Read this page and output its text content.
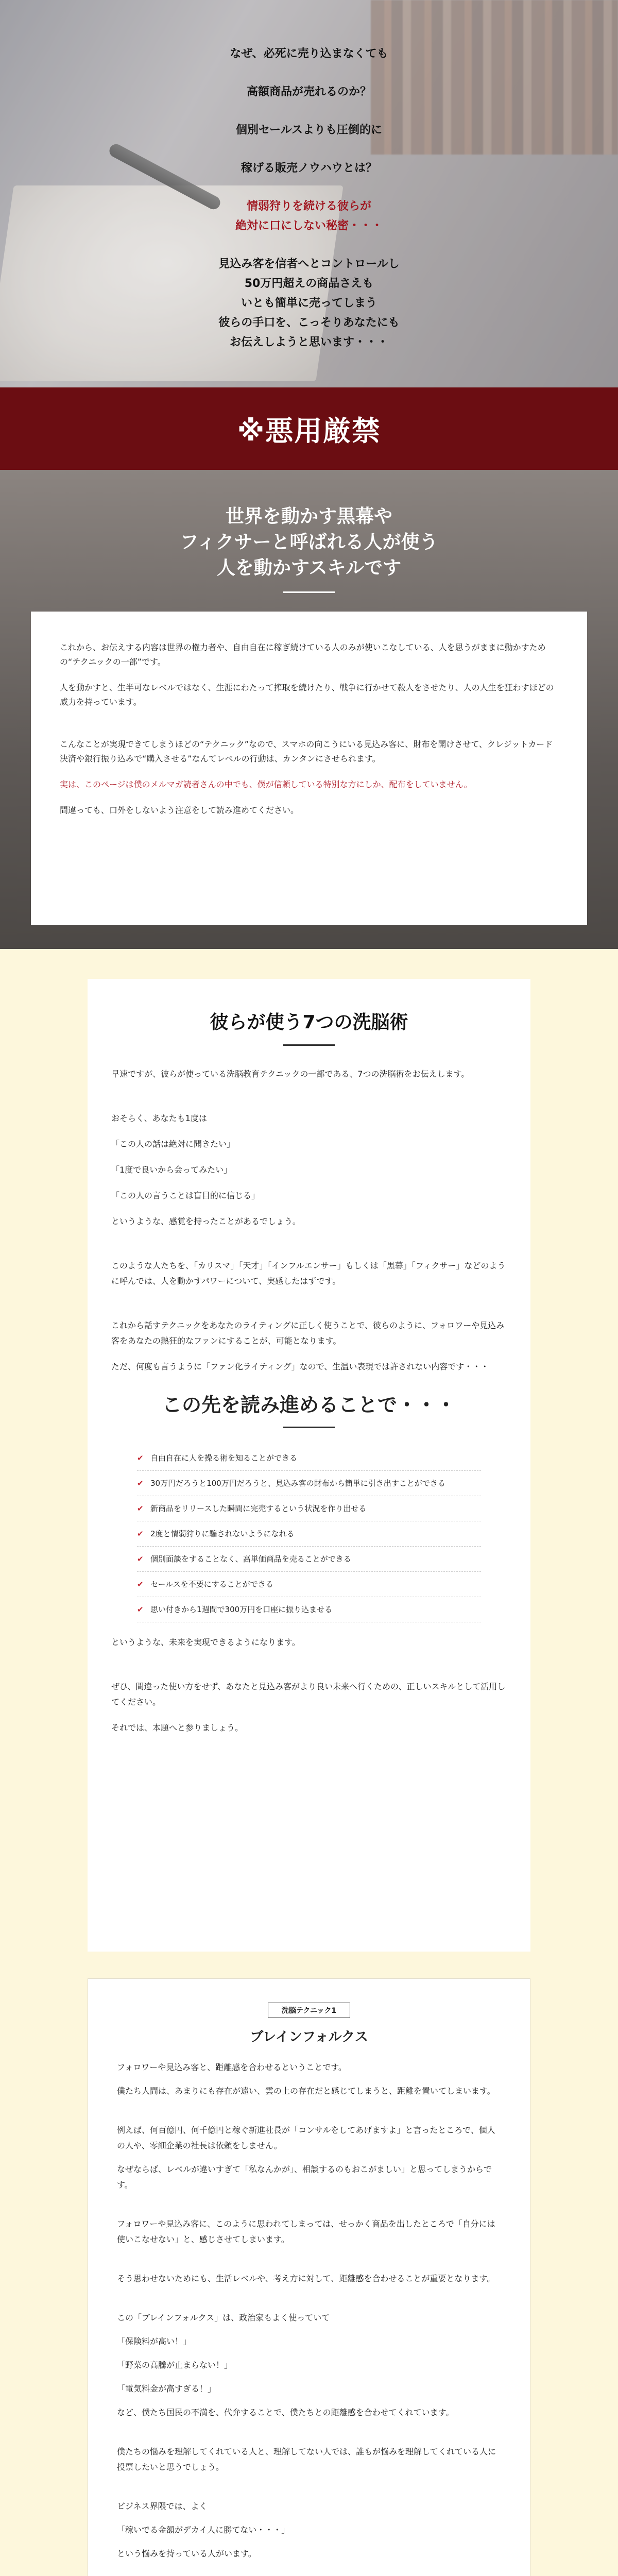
なぜ、必死に売り込まなくても

高額商品が売れるのか？

個別セールスよりも圧倒的に

稼げる販売ノウハウとは？

情弱狩りを続ける彼らが

絶対に口にしない秘密・・・

見込み客を信者へとコントロールし

50万円超えの商品さえも

いとも簡単に売ってしまう

彼らの手口を、こっそりあなたにも

お伝えしようと思います・・・

※悪用厳禁

世界を動かす黒幕や

フィクサーと呼ばれる人が使う

人を動かすスキルです

これから、お伝えする内容は世界の権力者や、自由自在に稼ぎ続けている人のみが使いこなしている、人を思うがままに動かすための“テクニックの一部”です。

人を動かすと、生半可なレベルではなく、生涯にわたって搾取を続けたり、戦争に行かせて殺人をさせたり、人の人生を狂わすほどの威力を持っています。

こんなことが実現できてしまうほどの“テクニック”なので、スマホの向こうにいる見込み客に、財布を開けさせて、クレジットカード決済や銀行振り込みで“購入させる”なんてレベルの行動は、カンタンにさせられます。

実は、このページは僕のメルマガ読者さんの中でも、僕が信頼している特別な方にしか、配布をしていません。

間違っても、口外をしないよう注意をして読み進めてください。

彼らが使う7つの洗脳術

早速ですが、彼らが使っている洗脳教育テクニックの一部である、7つの洗脳術をお伝えします。

おそらく、あなたも1度は

「この人の話は絶対に聞きたい」

「1度で良いから会ってみたい」

「この人の言うことは盲目的に信じる」

というような、感覚を持ったことがあるでしょう。

このような人たちを、「カリスマ」「天才」「インフルエンサー」もしくは「黒幕」「フィクサー」などのように呼んでは、人を動かすパワーについて、実感したはずです。

これから話すテクニックをあなたのライティングに正しく使うことで、彼らのように、フォロワーや見込み客をあなたの熱狂的なファンにすることが、可能となります。

ただ、何度も言うように「ファン化ライティング」なので、生温い表現では許されない内容です・・・

この先を読み進めることで・・・
✔ 自由自在に人を操る術を知ることができる
✔ 30万円だろうと100万円だろうと、見込み客の財布から簡単に引き出すことができる
✔ 新商品をリリースした瞬間に完売するという状況を作り出せる
✔ 2度と情弱狩りに騙されないようになれる
✔ 個別面談をすることなく、高単価商品を売ることができる
✔ セールスを不要にすることができる
✔ 思い付きから1週間で300万円を口座に振り込ませる

というような、未来を実現できるようになります。

ぜひ、間違った使い方をせず、あなたと見込み客がより良い未来へ行くための、正しいスキルとして活用してください。

それでは、本題へと参りましょう。

洗脳テクニック1
ブレインフォルクス

フォロワーや見込み客と、距離感を合わせるということです。

僕たち人間は、あまりにも存在が遠い、雲の上の存在だと感じてしまうと、距離を置いてしまいます。

例えば、何百億円、何千億円と稼ぐ新進社長が「コンサルをしてあげますよ」と言ったところで、個人の人や、零細企業の社長は依頼をしません。

なぜならば、レベルが違いすぎて「私なんかが」、相談するのもおこがましい」と思ってしまうからです。

フォロワーや見込み客に、このように思われてしまっては、せっかく商品を出したところで「自分には使いこなせない」と、感じさせてしまいます。

そう思わせないためにも、生活レベルや、考え方に対して、距離感を合わせることが重要となります。

この「ブレインフォルクス」は、政治家もよく使っていて

「保険料が高い！」

「野菜の高騰が止まらない！」

「電気料金が高すぎる！」

など、僕たち国民の不満を、代弁することで、僕たちとの距離感を合わせてくれています。

僕たちの悩みを理解してくれている人と、理解してない人では、誰もが悩みを理解してくれている人に投票したいと思うでしょう。

ビジネス界隈では、よく

「稼いでる金額がデカイ人に勝てない・・・」

という悩みを持っている人がいます。
